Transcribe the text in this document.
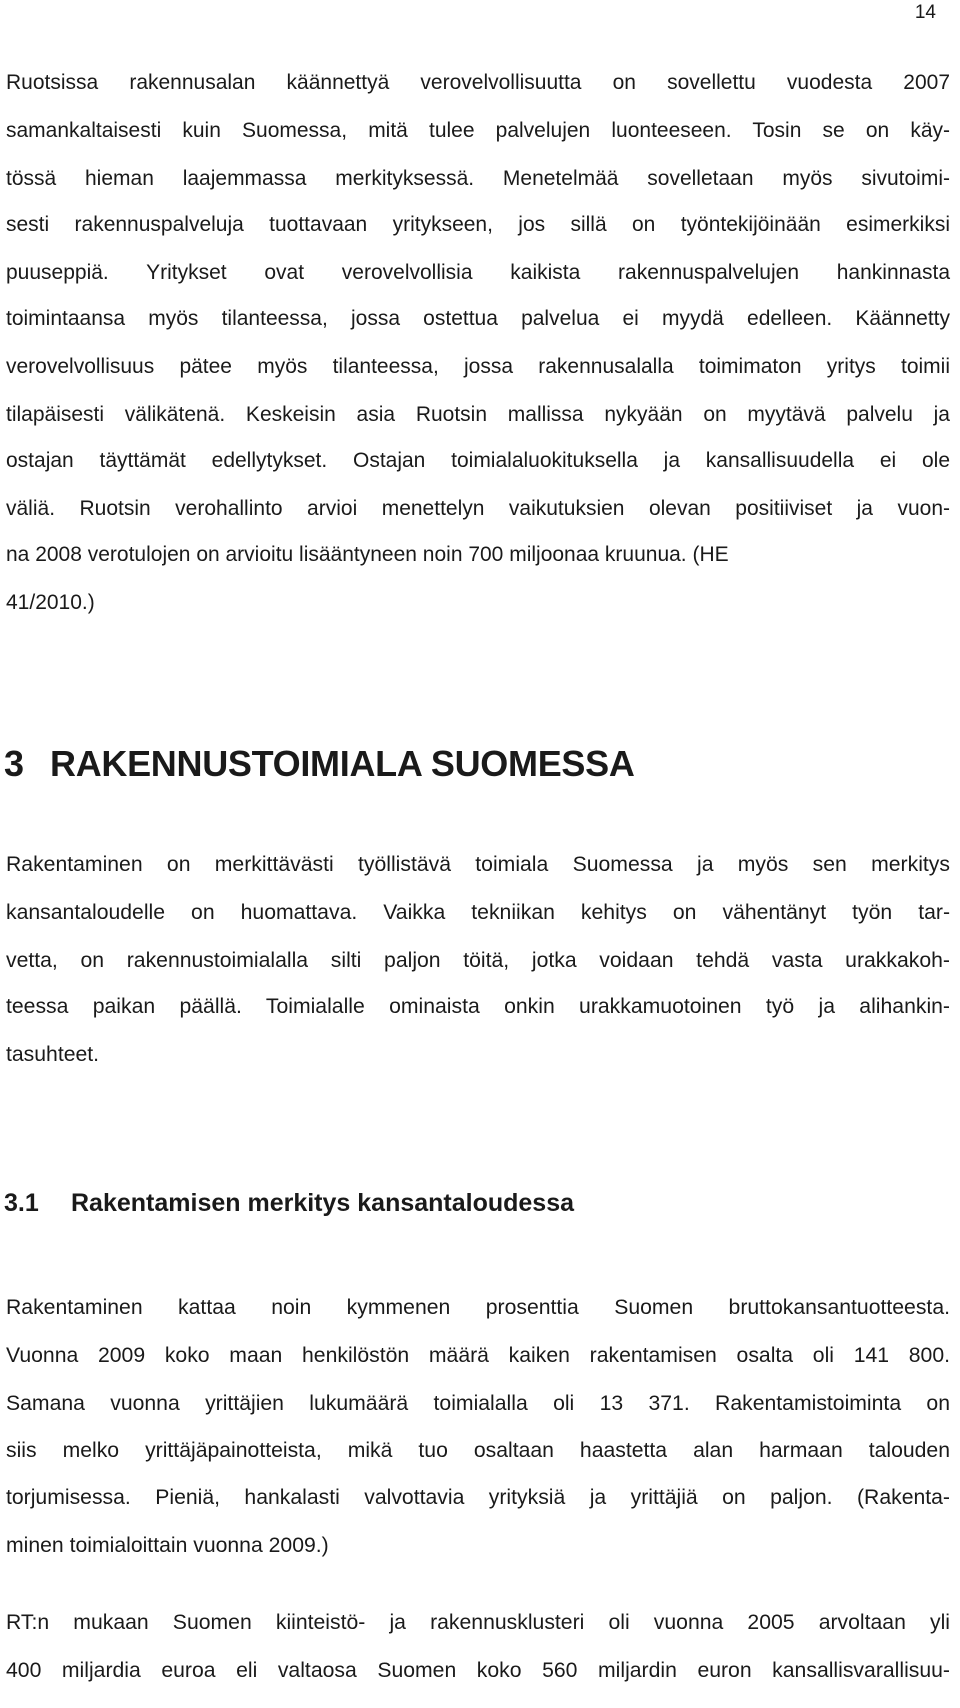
14

Ruotsissa rakennusalan käännettyä verovelvollisuutta on sovellettu vuodesta 2007

samankaltaisesti kuin Suomessa, mitä tulee palvelujen luonteeseen. Tosin se on käy-

tössä hieman laajemmassa merkityksessä. Menetelmää sovelletaan myös sivutoimi-

sesti rakennuspalveluja tuottavaan yritykseen, jos sillä on työntekijöinään esimerkiksi

puuseppiä. Yritykset ovat verovelvollisia kaikista rakennuspalvelujen hankinnasta

toimintaansa myös tilanteessa, jossa ostettua palvelua ei myydä edelleen. Käännetty

verovelvollisuus pätee myös tilanteessa, jossa rakennusalalla toimimaton yritys toimii

tilapäisesti välikätenä. Keskeisin asia Ruotsin mallissa nykyään on myytävä palvelu ja

ostajan täyttämät edellytykset. Ostajan toimialaluokituksella ja kansallisuudella ei ole

väliä. Ruotsin verohallinto arvioi menettelyn vaikutuksien olevan positiiviset ja vuon-

na 2008 verotulojen on arvioitu lisääntyneen noin 700 miljoonaa kruunua. (HE

41/2010.)

3 RAKENNUSTOIMIALA SUOMESSA

Rakentaminen on merkittävästi työllistävä toimiala Suomessa ja myös sen merkitys

kansantaloudelle on huomattava. Vaikka tekniikan kehitys on vähentänyt työn tar-

vetta, on rakennustoimialalla silti paljon töitä, jotka voidaan tehdä vasta urakkakoh-

teessa paikan päällä. Toimialalle ominaista onkin urakkamuotoinen työ ja alihankin-

tasuhteet.

3.1 Rakentamisen merkitys kansantaloudessa

Rakentaminen kattaa noin kymmenen prosenttia Suomen bruttokansantuotteesta.

Vuonna 2009 koko maan henkilöstön määrä kaiken rakentamisen osalta oli 141 800.

Samana vuonna yrittäjien lukumäärä toimialalla oli 13 371. Rakentamistoiminta on

siis melko yrittäjäpainotteista, mikä tuo osaltaan haastetta alan harmaan talouden

torjumisessa. Pieniä, hankalasti valvottavia yrityksiä ja yrittäjiä on paljon. (Rakenta-

minen toimialoittain vuonna 2009.)

RT:n mukaan Suomen kiinteistö- ja rakennusklusteri oli vuonna 2005 arvoltaan yli

400 miljardia euroa eli valtaosa Suomen koko 560 miljardin euron kansallisvarallisuu-
